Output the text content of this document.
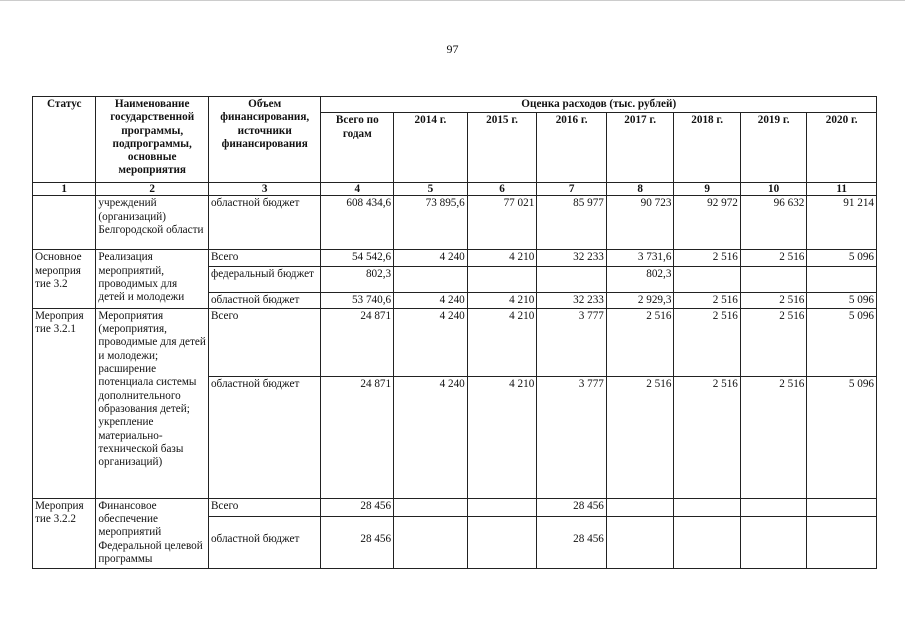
97
Статус	Наименование государственной программы, подпрограммы, основные мероприятия	Объем финансирования, источники финансирования	Оценка расходов (тыс. рублей)							
			Всего по годам	2014 г.	2015 г.	2016 г.	2017 г.	2018 г.	2019 г.	2020 г.
1	2	3	4	5	6	7	8	9	10	11
	учреждений (организаций) Белгородской области	областной бюджет	608 434,6	73 895,6	77 021	85 977	90 723	92 972	96 632	91 214
Основное мероприя тие 3.2	Реализация мероприятий, проводимых для детей и молодежи	Всего	54 542,6	4 240	4 210	32 233	3 731,6	2 516	2 516	5 096
		федеральный бюджет	802,3				802,3			
		областной бюджет	53 740,6	4 240	4 210	32 233	2 929,3	2 516	2 516	5 096
Мероприя тие 3.2.1	Мероприятия (мероприятия, проводимые для детей и молодежи; расширение потенциала системы дополнительного образования детей; укрепление материально-технической базы организаций)	Всего	24 871	4 240	4 210	3 777	2 516	2 516	2 516	5 096
		областной бюджет	24 871	4 240	4 210	3 777	2 516	2 516	2 516	5 096
Мероприя тие 3.2.2	Финансовое обеспечение мероприятий Федеральной целевой программы	Всего	28 456			28 456				
		областной бюджет	28 456			28 456				
